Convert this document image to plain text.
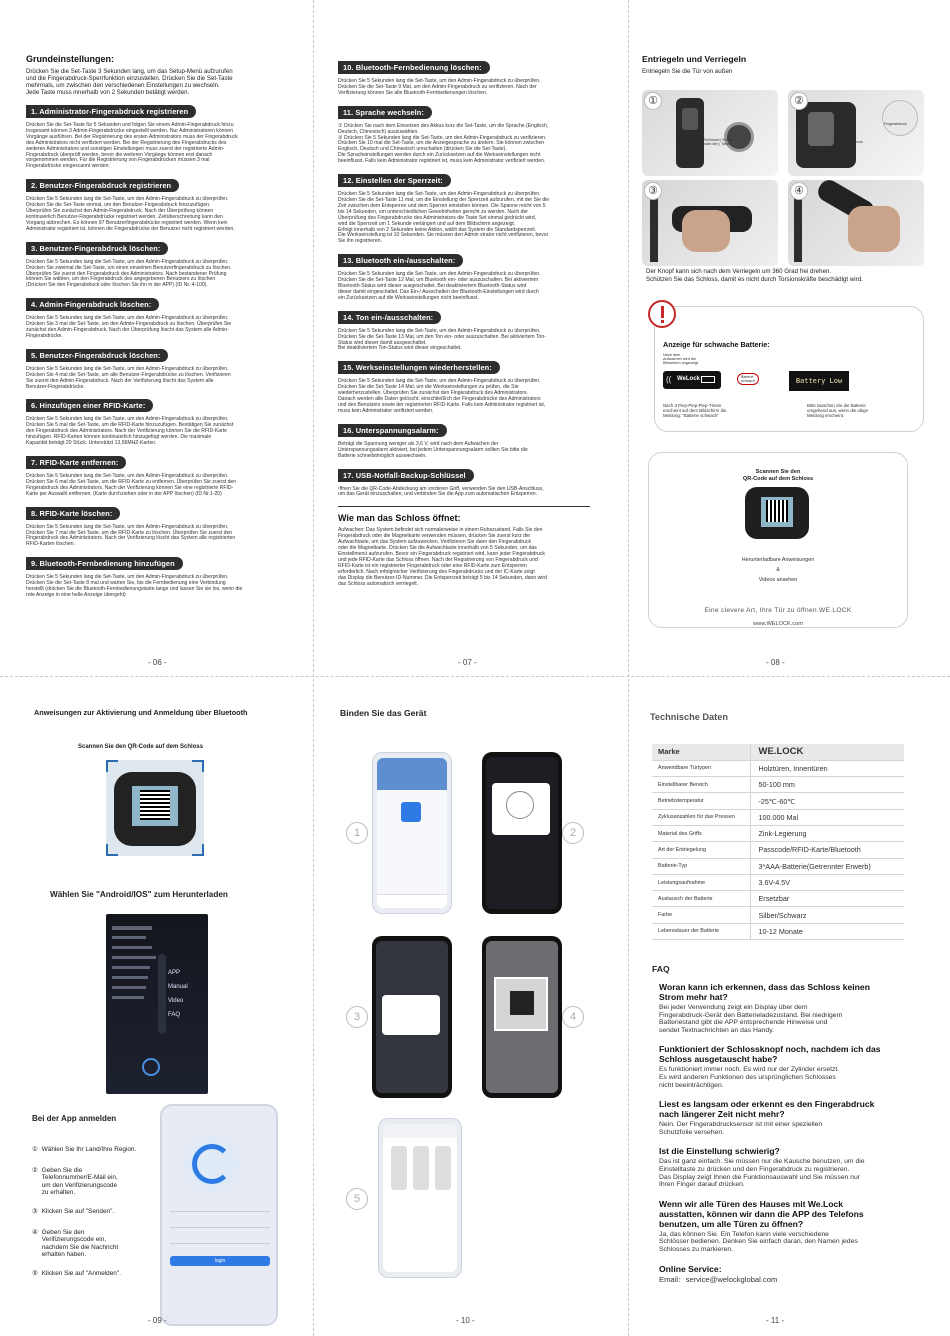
Grundeinstellungen:
Drücken Sie die Set-Taste 3 Sekunden lang, um das Setup-Menü aufzurufen
und die Fingerabdruck-Sperrfunktion einzustellen. Drücken Sie die Set-Taste
mehrmals, um zwischen den verschiedenen Einstellungen zu wechseln.
Jede Taste muss innerhalb von 2 Sekunden betätigt werden.
1. Administrator-Fingerabdruck registrieren
Drücken Sie die Set-Taste für 5 Sekunden und folgen Sie einem Admin-Fingerabdruck hinzu
Insgesamt können 3 Admin-Fingerabdrücke eingestellt werden. Nur Administratoren können
Vorgänge ausführen. Bei der Registrierung des ersten Administrators muss der Fingerabdruck
des Administrators nicht verifiziert werden. Bei der Registrierung des Fingerabdrucks des
weiteren Administrators und sonstigen Einstellungen muss zuerst der registrierte Admin-
Fingerabdruck überprüft werden, bevor die weiteren Vorgänge können erst danach
vorgenommen werden. Für die Registrierung von Fingerabdrücken müssen 3 mal
Fingerabdrücke eingescannt werden.
2. Benutzer-Fingerabdruck registrieren
Drücken Sie 5 Sekunden lang die Set-Taste, um den Admin-Fingerabdruck zu überprüfen.
Drücken Sie die Set-Taste einmal, um den Benutzer-Fingerabdruck hinzuzufügen.
Überprüfen Sie zunächst den Admin-Fingerabdruck. Nach der Überprüfung können
kontinuierlich Benutzer-Fingerabdrücke registriert werden. Zeitüberschreitung kann den
Vorgang abbrechen. Es können 97 Benutzerfingerabdrücke registriert werden. Wenn kein
Administrator registriert ist, können die Fingerabdrücke der Benutzer nicht registriert werden.
3. Benutzer-Fingerabdruck löschen:
Drücken Sie 5 Sekunden lang die Set-Taste, um den Admin-Fingerabdruck zu überprüfen.
Drücken Sie zweimal die Set-Taste, um einen einzelnen Benutzerfingerabdruck zu löschen.
Überprüfen Sie zuerst den Fingerabdruck des Administrators. Nach bestandener Prüfung
können Sie wählen, um den Fingerabdruck des angegebenen Benutzers zu löschen
(Drücken Sie den Fingerabdruck oder löschen Sie ihn in der APP) (ID Nr. 4-100).
4. Admin-Fingerabdruck löschen:
Drücken Sie 5 Sekunden lang die Set-Taste, um den Admin-Fingerabdruck zu überprüfen.
Drücken Sie 3 mal die Set-Taste, um den Admin-Fingerabdruck zu löschen. Überprüfen Sie
zunächst den Admin-Fingerabdruck. Nach der Überprüfung löscht das System alle Admin-
Fingerabdrücke.
5. Benutzer-Fingerabdruck löschen:
Drücken Sie 5 Sekunden lang die Set-Taste, um den Admin-Fingerabdruck zu überprüfen.
Drücken Sie 4 mal die Set-Taste, um alle Benutzer-Fingerabdrücke zu löschen. Verifizieren
Sie zuerst den Admin-Fingerabdruck. Nach der Verifizierung löscht das System alle
Benutzer-Fingerabdrücke.
6. Hinzufügen einer RFID-Karte:
Drücken Sie 5 Sekunden lang die Set-Taste, um den Admin-Fingerabdruck zu überprüfen.
Drücken Sie 5 mal die Set-Taste, um die RFID-Karte hinzuzufügen. Bestätigen Sie zunächst
den Fingerabdruck des Administrators. Nach der Verifizierung können Sie die RFID-Karte
hinzufügen. RFID-Karten können kontinuierlich hinzugefügt werden. Die maximale
Kapazität beträgt 20 Stück. Unterstützt 13,56MHZ-Karten.
7. RFID-Karte entfernen:
Drücken Sie 5 Sekunden lang die Set-Taste, um den Admin-Fingerabdruck zu überprüfen.
Drücken Sie 6 mal die Set-Taste, um die RFID-Karte zu entfernen. Überprüfen Sie zuerst den
Fingerabdruck des Administrators. Nach der Verifizierung können Sie eine registrierte RFID-
Karte per Auswahl entfernen. (Karte durchziehen oder in der APP löschen) (ID Nr.1-20)
8. RFID-Karte löschen:
Drücken Sie 5 Sekunden lang die Set-Taste, um den Admin-Fingerabdruck zu überprüfen.
Drücken Sie 7 mal die Set-Taste, um die RFID-Karte zu löschen. Überprüfen Sie zuerst den
Fingerabdruck des Administrators. Nach der Verifizierung löscht das System alle registrierten
RFID-Karten löschen.
9. Bluetooth-Fernbedienung hinzufügen
Drücken Sie 5 Sekunden lang die Set-Taste, um den Admin-Fingerabdruck zu überprüfen.
Drücken Sie die Set-Taste 8 mal und warten Sie, bis die Fernbedienung eine Verbindung
herstellt (drücken Sie die Bluetooth-Fernbedienungstaste lange und lassen Sie sie los, wenn die
rote Anzeige in eine helle Anzeige übergeht)
- 06 -
10. Bluetooth-Fernbedienung löschen:
Drücken Sie 5 Sekunden lang die Set-Taste, um den Admin-Fingerabdruck zu überprüfen.
Drücken Sie die Set-Taste 9 Mal, um den Admin-Fingerabdruck zu verifizieren. Nach der
Verifizierung können Sie alle Bluetooth-Fernbedienungen löschen.
11. Sprache wechseln:
① Drücken Sie nach dem Einsetzen des Akkus kurz die Set-Taste, um die Sprache (Englisch,
Deutsch, Chinesisch) auszuwählen.
② Drücken Sie 5 Sekunden lang die Set-Taste, um den Admin-Fingerabdruck zu verifizieren.
Drücken Sie 10 mal die Set-Taste, um die Anzeigesprache zu ändern. Sie können zwischen
Englisch, Deutsch und Chinesisch umschalten (drücken Sie die Set-Taste).
Die Spracheinstellungen werden durch ein Zurücksetzen auf die Werkseinstellungen nicht
beeinflusst. Falls kein Administrator registriert ist, muss kein Administrator verifiziert werden.
12. Einstellen der Sperrzeit:
Drücken Sie 5 Sekunden lang die Set-Taste, um den Admin-Fingerabdruck zu überprüfen.
Drücken Sie die Set-Taste 11 mal, um die Einstellung der Sperrzeit aufzurufen, mit der Sie die
Zeit zwischen dem Entsperren und dem Sperren einstellen können. Die Spanne reicht von 5
bis 14 Sekunden, um unterschiedlichen Gewohnheiten gerecht zu werden. Nach der
Überprüfung des Fingerabdrucks des Administrators die Taste Set einmal gedrückt wird,
wird die Sperrzeit um 1 Sekunde verlängert und auf dem Bildschirm angezeigt.
Erfolgt innerhalb von 2 Sekunden keine Aktion, wählt das System die Standardsperrzeit.
Die Werkseinstellung ist 10 Sekunden. Sie müssen den Admin strator nicht verifizieren, bevor
Sie ihn registrieren.
13. Bluetooth ein-/ausschalten:
Drücken Sie 5 Sekunden lang die Set-Taste, um den Admin-Fingerabdruck zu überprüfen.
Drücken Sie die Set-Taste 12 Mal, um Bluetooth ein- oder auszuschalten. Bei aktiviertem
Bluetooth-Status wird dieser ausgeschaltet. Bei deaktiviertem Bluetooth-Status wird
dieser damit eingeschaltet. Das Ein-/ Ausschalten der Bluetooth-Einstellungen wird durch
ein Zurücksetzen auf die Werkseinstellungen nicht beeinflusst.
14. Ton ein-/ausschalten:
Drücken Sie 5 Sekunden lang die Set-Taste, um den Admin-Fingerabdruck zu überprüfen.
Drücken Sie die Set-Taste 13 Mal, um den Ton ein- oder auszuschalten. Bei aktiviertem Ton-
Status wird dieser damit ausgeschaltet.
Bei deaktiviertem Ton-Status wird dieser eingeschaltet.
15. Werkseinstellungen wiederherstellen:
Drücken Sie 5 Sekunden lang die Set-Taste, um den Admin-Fingerabdruck zu überprüfen.
Drücken Sie die Set-Taste 14 Mal, um die Werkseinstellungen zu prüfen, die Sie
wiederherzustellen. Überprüfen Sie zunächst den Fingerabdruck des Administrators.
Danach werden alle Daten gelöscht, einschließlich der Fingerabdrücke des Administrators
und des Benutzers sowie der registrierten RFID-Karte. Falls kein Administrator registriert ist,
muss kein Administrator verifiziert werden.
16. Unterspannungsalarm:
Beträgt die Spannung weniger als 3,6 V, wird nach dem Aufwachen der
Unterspannungsalarm aktiviert, bei jedem Unterspannungsalarm sollten Sie bitte die
Batterie schnellstmöglich auswechseln.
17. USB-Notfall-Backup-Schlüssel
¹ffnen Sie die QR-Code-Abdeckung am vorderen Griff, verwenden Sie den USB-Anschluss,
um das Gerät einzuschalten, und verbinden Sie die App zum automatischen Entsperren.
Wie man das Schloss öffnet:
Aufwachen: Das System befindet sich normalerweise in einem Ruhezustand. Falls Sie den
Fingerabdruck oder die Magnetkarte verwenden müssen, drücken Sie zuerst kurz die
Aufwachtaste, um das System aufzuwecken. Verifizieren Sie dann den Fingerabdruck
oder die Magnetkarte. Drücken Sie die Aufwachtaste innerhalb von 5 Sekunden, um das
Einstellmenü aufzurufen. Bevor ein Fingerabdruck registriert wird, kann jeder Fingerabdruck
und jede RFID-Karte das Schloss öffnen. Nach der Registrierung von Fingerabdruck und
RFID-Karte ist ein registrierter Fingerabdruck oder eine RFID-Karte zum Entsperren
erforderlich. Nach erfolgreicher Verifizierung des Fingerabdrucks und der IC-Karte zeigt
das Display die Benutzer-ID-Nummer. Die Entsperrzeit beträgt 5 bis 14 Sekunden, dann wird
das Schloss automatisch verriegelt.
- 07 -
Entriegeln und Verriegeln
Entriegeln Sie die Tür von außen
Schlüssel | Wiede-
sicht den | Taste	Fingerabdruck
Sensor
Fingerabdruck
①	②
③	④
Der Knopf kann sich nach dem Verriegeln um 360 Grad frei drehen.
Schützen Sie das Schloss, damit es nicht durch Torsionskräfte beschädigt wird.
Anzeige für schwache Batterie:
Nach dem
Aufwachen wird der
Bildschirm angezeigt
(( WeLock	Batterie
schwach	Battery Low
Nach 3 Piep-Piep-Piep-Tönen
erscheint auf dem Bildschirm die
Meldung: "Batterie schwach"
Bitte tauschen Sie die Batterie
umgehend aus, wenn die obige
Meldung erscheint.
Scannen Sie den
QR-Code auf dem Schloss
Herunterladbare Anweisungen
&
Videos ansehen
Eine clevere Art, Ihre Tür zu öffnen.WE.LOCK
www.WELOCK.com
- 08 -
Anweisungen zur Aktivierung und Anmeldung über Bluetooth
Scannen Sie den QR-Code auf dem Schloss
Wählen Sie "Android/IOS" zum Herunterladen
APP
Manual
Video
FAQ
Bei der App anmelden
① Wählen Sie Ihr Land/Ihre Region.
② Geben Sie die
Telefonnummer/E-Mail ein,
um den Verifizierungscode
zu erhalten.
③ Klicken Sie auf "Senden".
④ Geben Sie den
Verifizierungscode ein,
nachdem Sie die Nachricht
erhalten haben.
⑤ Klicken Sie auf "Anmelden".
login
- 09 -
Binden Sie das Gerät
1	2
3	4
5
- 10 -
Technische Daten
Marke	WE.LOCK
Anwendbare Türtypen	Holztüren, Innentüren
Einstellbarer Bereich	50-100 mm
Betriebstemperatur	-25℃-60℃
Zyklusanzahlen für das Pressen	100.000 Mal
Material des Griffs	Zink-Legierung
Art der Entriegelung	Passcode/RFID-Karte/Bluetooth
Batterie-Typ	3*AAA-Batterie(Getrennter Erwerb)
Leistungsaufnahme	3.6V-4.5V
Austausch der Batterie	Ersetzbar
Farbe	Silber/Schwarz
Lebensdauer der Batterie	10-12 Monate
FAQ
● Woran kann ich erkennen, dass das Schloss keinen
Strom mehr hat?
Bei jeder Verwendung zeigt ein Display über dem
Fingerabdruck-Gerät den Batterieladezustand. Bei niedrigem
Batteriestand gibt die APP entsprechende Hinweise und
sendet Textnachrichten an das Handy.
● Funktioniert der Schlossknopf noch, nachdem ich das
Schloss ausgetauscht habe?
Es funktioniert immer noch. Es wird nur der Zylinder ersetzt.
Es wird anderen Funktionen des ursprünglichen Schlosses
nicht beeinträchtigen.
● Liest es langsam oder erkennt es den Fingerabdruck
nach längerer Zeit nicht mehr?
Nein. Der Fingerabdrucksensor ist mit einer speziellen
Schutzfolie versehen.
● Ist die Einstellung schwierig?
Das ist ganz einfach. Sie müssen nur die Kausche benutzen, um die
Einstelltaste zu drücken und den Fingerabdruck zu registrieren.
Das Display zeigt Ihnen die Funktionsauswahl und Sie müssen nur
Ihren Finger darauf drücken.
● Wenn wir alle Türen des Hauses mit We.Lock
ausstatten, können wir dann die APP des Telefons
benutzen, um alle Türen zu öffnen?
Ja, das können Sie. Ein Telefon kann viele verschiedene
Schlösser bedienen. Denken Sie einfach daran, den Namen jedes
Schlosses zu markieren.
● Online Service:
Email：service@welockglobal.com
- 11 -
